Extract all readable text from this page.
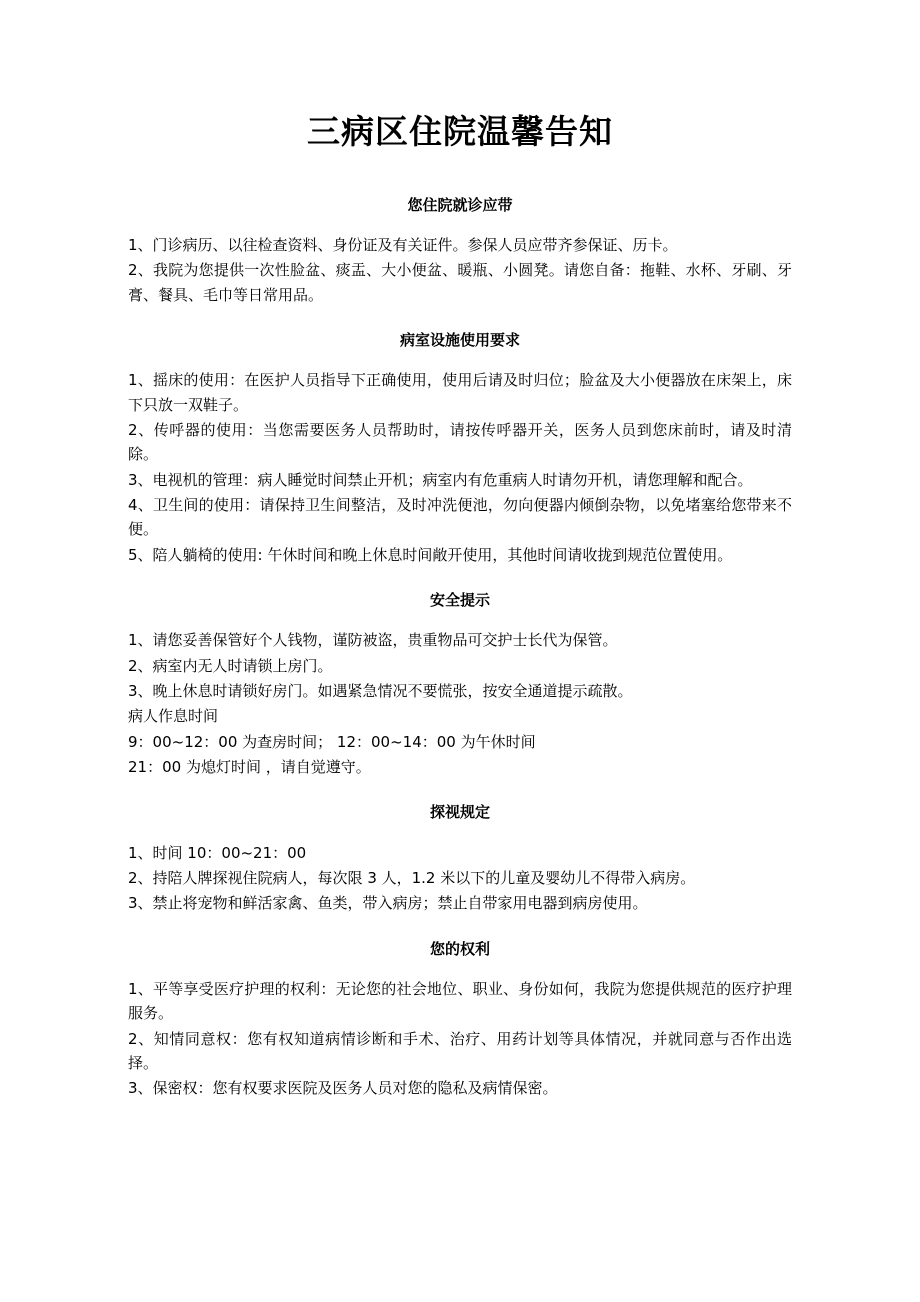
三病区住院温馨告知
您住院就诊应带

1、门诊病历、以往检查资料、身份证及有关证件。参保人员应带齐参保证、历卡。

2、我院为您提供一次性脸盆、痰盂、大小便盆、暖瓶、小圆凳。请您自备：拖鞋、水杯、牙刷、牙膏、餐具、毛巾等日常用品。

病室设施使用要求

1、摇床的使用：在医护人员指导下正确使用，使用后请及时归位；脸盆及大小便器放在床架上，床下只放一双鞋子。

2、传呼器的使用：当您需要医务人员帮助时，请按传呼器开关，医务人员到您床前时，请及时清除。

3、电视机的管理：病人睡觉时间禁止开机；病室内有危重病人时请勿开机，请您理解和配合。

4、卫生间的使用：请保持卫生间整洁，及时冲洗便池，勿向便器内倾倒杂物，以免堵塞给您带来不便。

5、陪人躺椅的使用: 午休时间和晚上休息时间敞开使用，其他时间请收拢到规范位置使用。

安全提示

1、请您妥善保管好个人钱物，谨防被盗，贵重物品可交护士长代为保管。

2、病室内无人时请锁上房门。

3、晚上休息时请锁好房门。如遇紧急情况不要慌张，按安全通道提示疏散。

病人作息时间

9：00~12：00 为查房时间； 12：00~14：00 为午休时间

21：00 为熄灯时间 ，请自觉遵守。

探视规定

1、时间 10：00~21：00

2、持陪人牌探视住院病人，每次限 3 人，1.2 米以下的儿童及婴幼儿不得带入病房。

3、禁止将宠物和鲜活家禽、鱼类，带入病房；禁止自带家用电器到病房使用。

您的权利

1、平等享受医疗护理的权利：无论您的社会地位、职业、身份如何，我院为您提供规范的医疗护理服务。

2、知情同意权：您有权知道病情诊断和手术、治疗、用药计划等具体情况，并就同意与否作出选择。

3、保密权：您有权要求医院及医务人员对您的隐私及病情保密。
